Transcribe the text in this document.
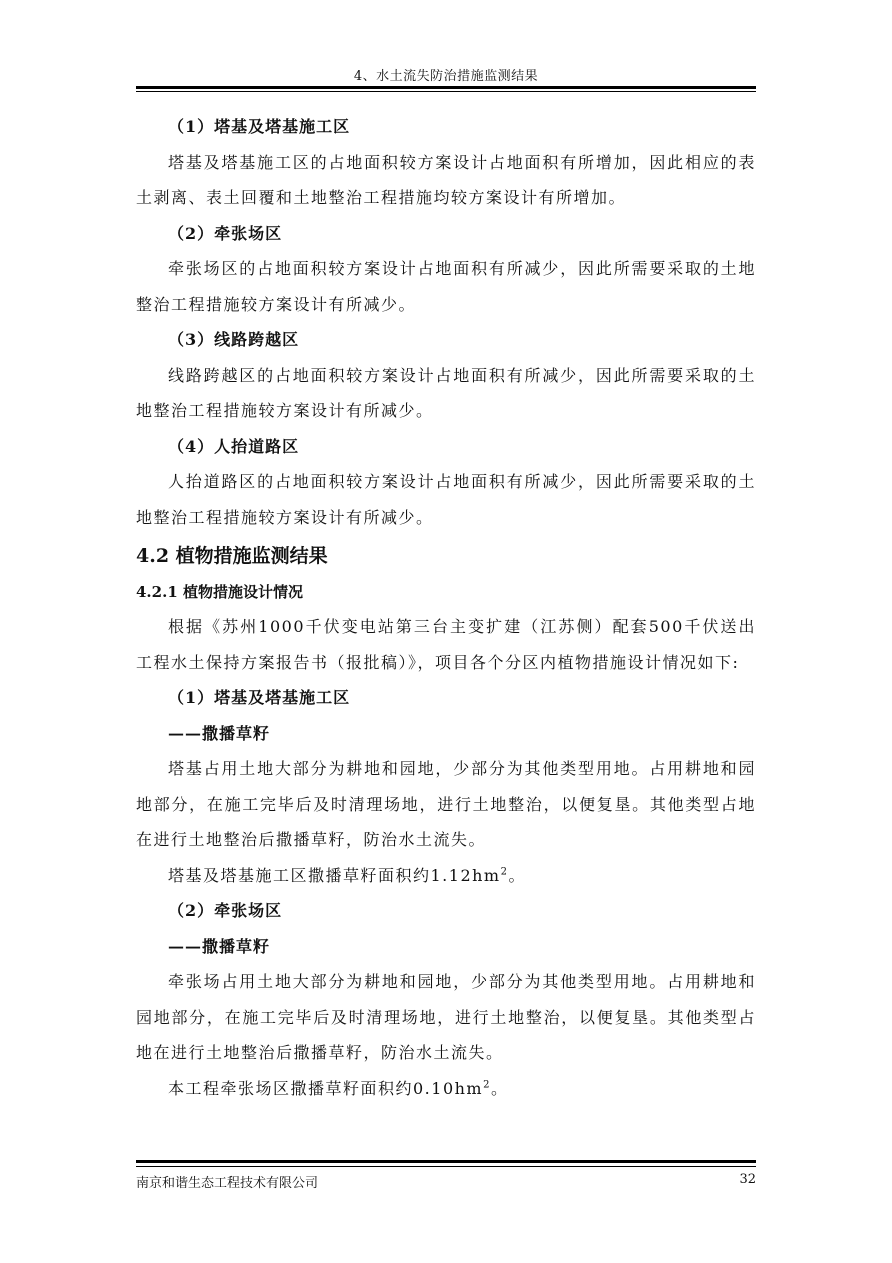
4、水土流失防治措施监测结果

（1）塔基及塔基施工区

塔基及塔基施工区的占地面积较方案设计占地面积有所增加，因此相应的表土剥离、表土回覆和土地整治工程措施均较方案设计有所增加。

（2）牵张场区

牵张场区的占地面积较方案设计占地面积有所减少，因此所需要采取的土地整治工程措施较方案设计有所减少。

（3）线路跨越区

线路跨越区的占地面积较方案设计占地面积有所减少，因此所需要采取的土地整治工程措施较方案设计有所减少。

（4）人抬道路区

人抬道路区的占地面积较方案设计占地面积有所减少，因此所需要采取的土地整治工程措施较方案设计有所减少。

4.2 植物措施监测结果
4.2.1 植物措施设计情况

根据《苏州1000千伏变电站第三台主变扩建（江苏侧）配套500千伏送出工程水土保持方案报告书（报批稿）》，项目各个分区内植物措施设计情况如下:

（1）塔基及塔基施工区

——撒播草籽

塔基占用土地大部分为耕地和园地，少部分为其他类型用地。占用耕地和园地部分，在施工完毕后及时清理场地，进行土地整治，以便复垦。其他类型占地在进行土地整治后撒播草籽，防治水土流失。

塔基及塔基施工区撒播草籽面积约$1.12hm^2$。

（2）牵张场区

——撒播草籽

牵张场占用土地大部分为耕地和园地，少部分为其他类型用地。占用耕地和园地部分，在施工完毕后及时清理场地，进行土地整治，以便复垦。其他类型占地在进行土地整治后撒播草籽，防治水土流失。

本工程牵张场区撒播草籽面积约$0.10hm^2$。

南京和谐生态工程技术有限公司	32
